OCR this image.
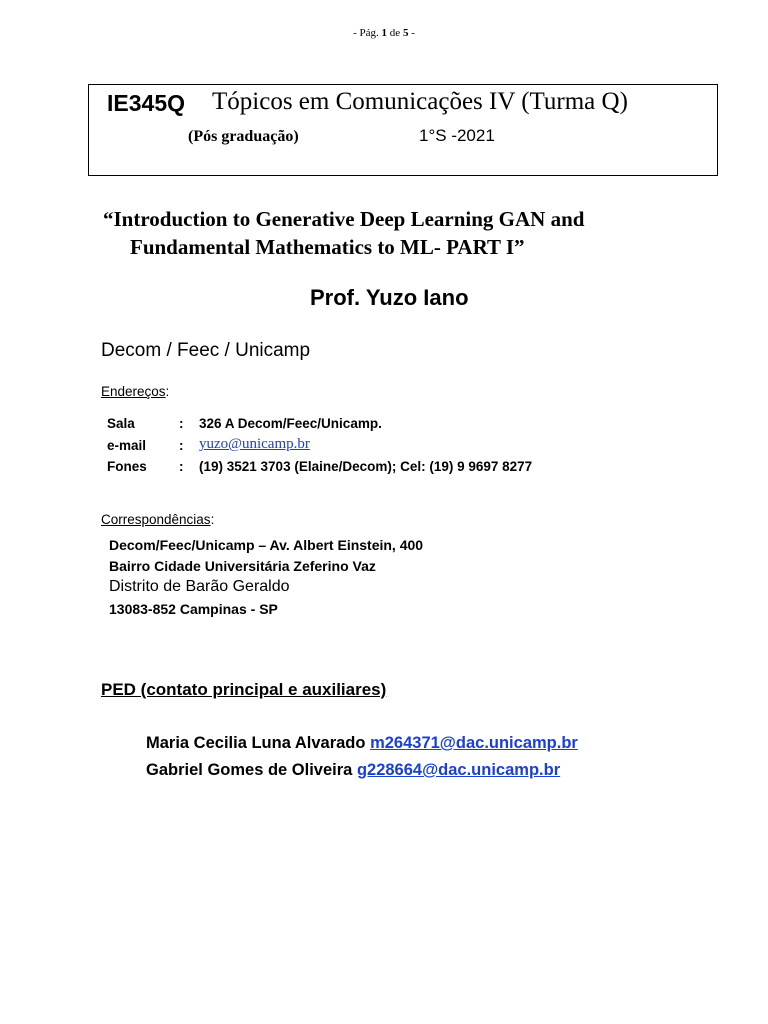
- Pág. 1 de 5 -
IE345Q Tópicos em Comunicações IV (Turma Q)
(Pós graduação)	1°S -2021
“Introduction to Generative Deep Learning GAN and
Fundamental Mathematics to ML- PART I”
Prof. Yuzo Iano
Decom / Feec / Unicamp
Endereços:
Sala	: 326 A Decom/Feec/Unicamp.
e-mail : yuzo@unicamp.br
Fones : (19) 3521 3703 (Elaine/Decom); Cel: (19) 9 9697 8277
Correspondências:
Decom/Feec/Unicamp – Av. Albert Einstein, 400
Bairro Cidade Universitária Zeferino Vaz
Distrito de Barão Geraldo
13083-852 Campinas - SP
PED (contato principal e auxiliares)
Maria Cecilia Luna Alvarado m264371@dac.unicamp.br
Gabriel Gomes de Oliveira g228664@dac.unicamp.br
